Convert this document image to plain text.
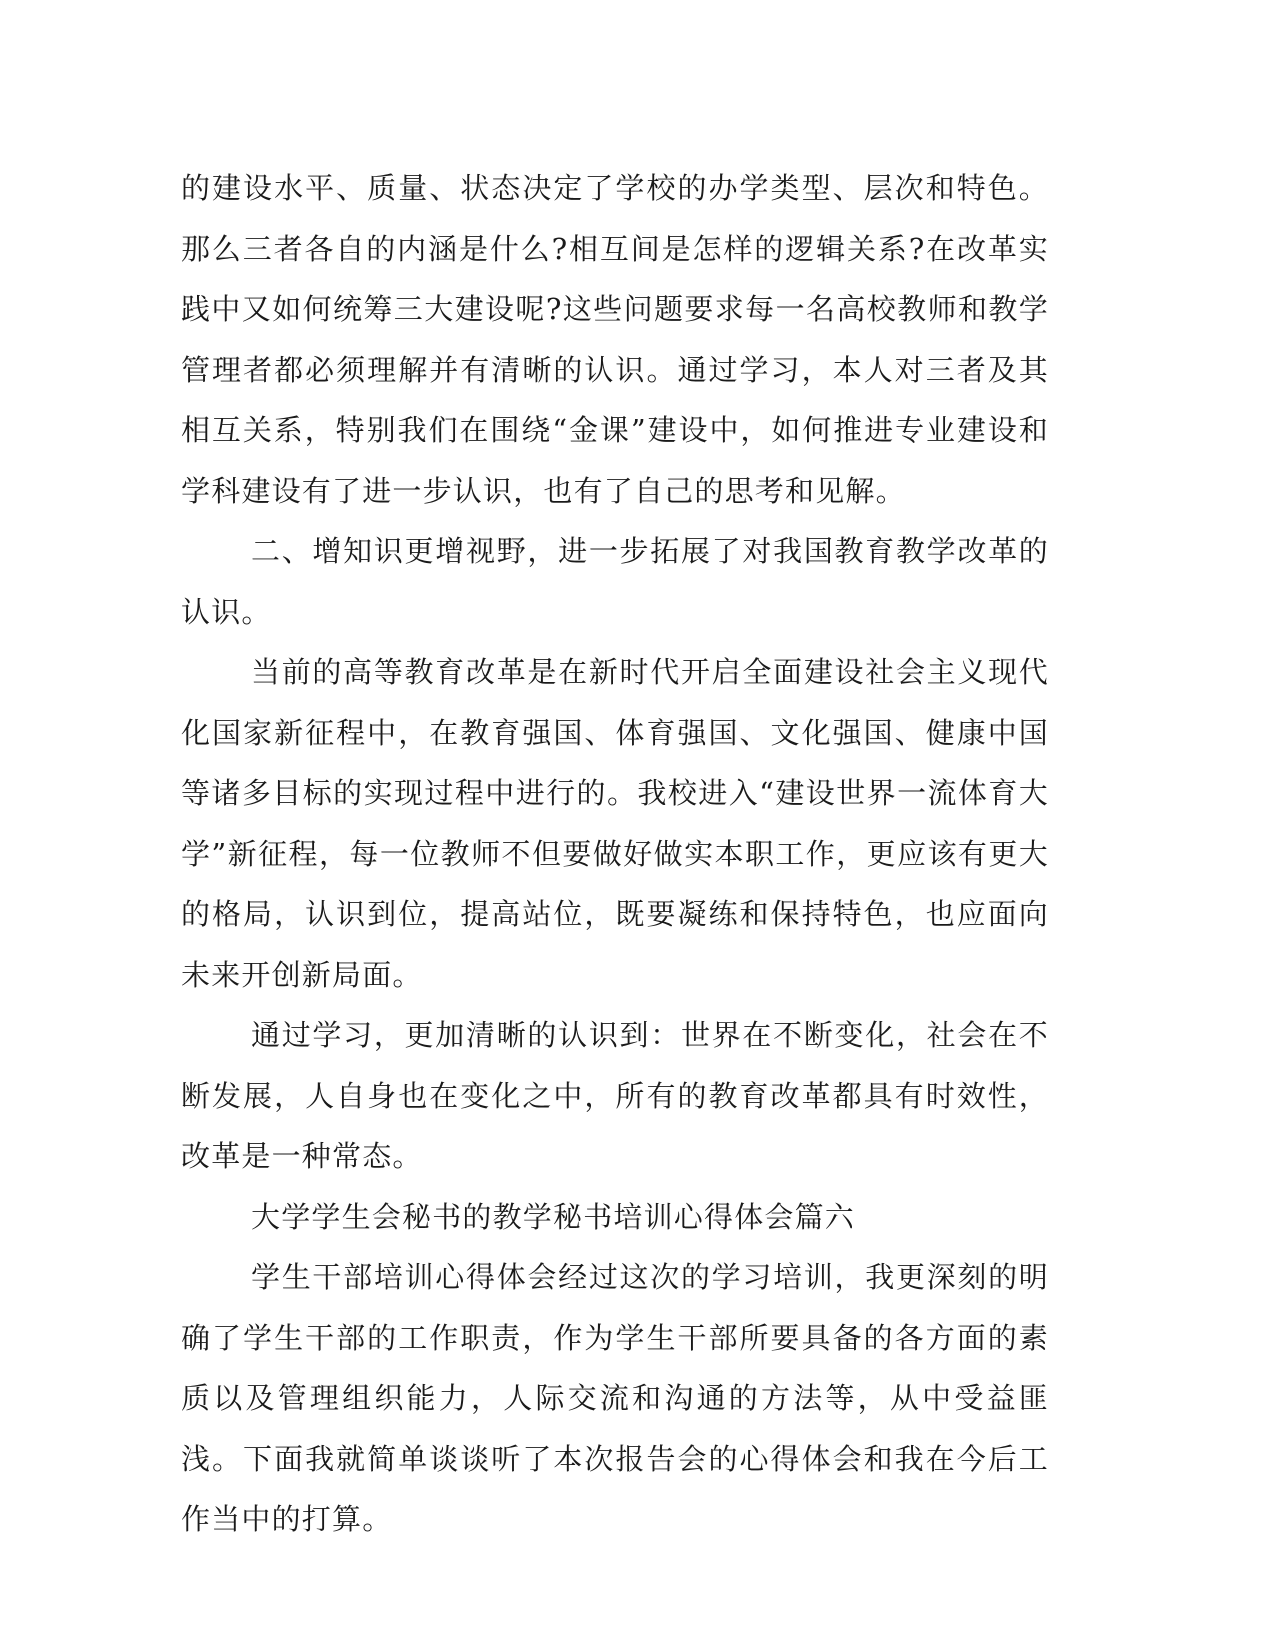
的建设水平、质量、状态决定了学校的办学类型、层次和特色。那么三者各自的内涵是什么?相互间是怎样的逻辑关系?在改革实践中又如何统筹三大建设呢?这些问题要求每一名高校教师和教学管理者都必须理解并有清晰的认识。通过学习，本人对三者及其相互关系，特别我们在围绕“金课”建设中，如何推进专业建设和学科建设有了进一步认识，也有了自己的思考和见解。

二、增知识更增视野，进一步拓展了对我国教育教学改革的认识。

当前的高等教育改革是在新时代开启全面建设社会主义现代化国家新征程中，在教育强国、体育强国、文化强国、健康中国等诸多目标的实现过程中进行的。我校进入“建设世界一流体育大学”新征程，每一位教师不但要做好做实本职工作，更应该有更大的格局，认识到位，提高站位，既要凝练和保持特色，也应面向未来开创新局面。

通过学习，更加清晰的认识到：世界在不断变化，社会在不断发展，人自身也在变化之中，所有的教育改革都具有时效性，改革是一种常态。

大学学生会秘书的教学秘书培训心得体会篇六

学生干部培训心得体会经过这次的学习培训，我更深刻的明确了学生干部的工作职责，作为学生干部所要具备的各方面的素质以及管理组织能力，人际交流和沟通的方法等，从中受益匪浅。下面我就简单谈谈听了本次报告会的心得体会和我在今后工作当中的打算。
